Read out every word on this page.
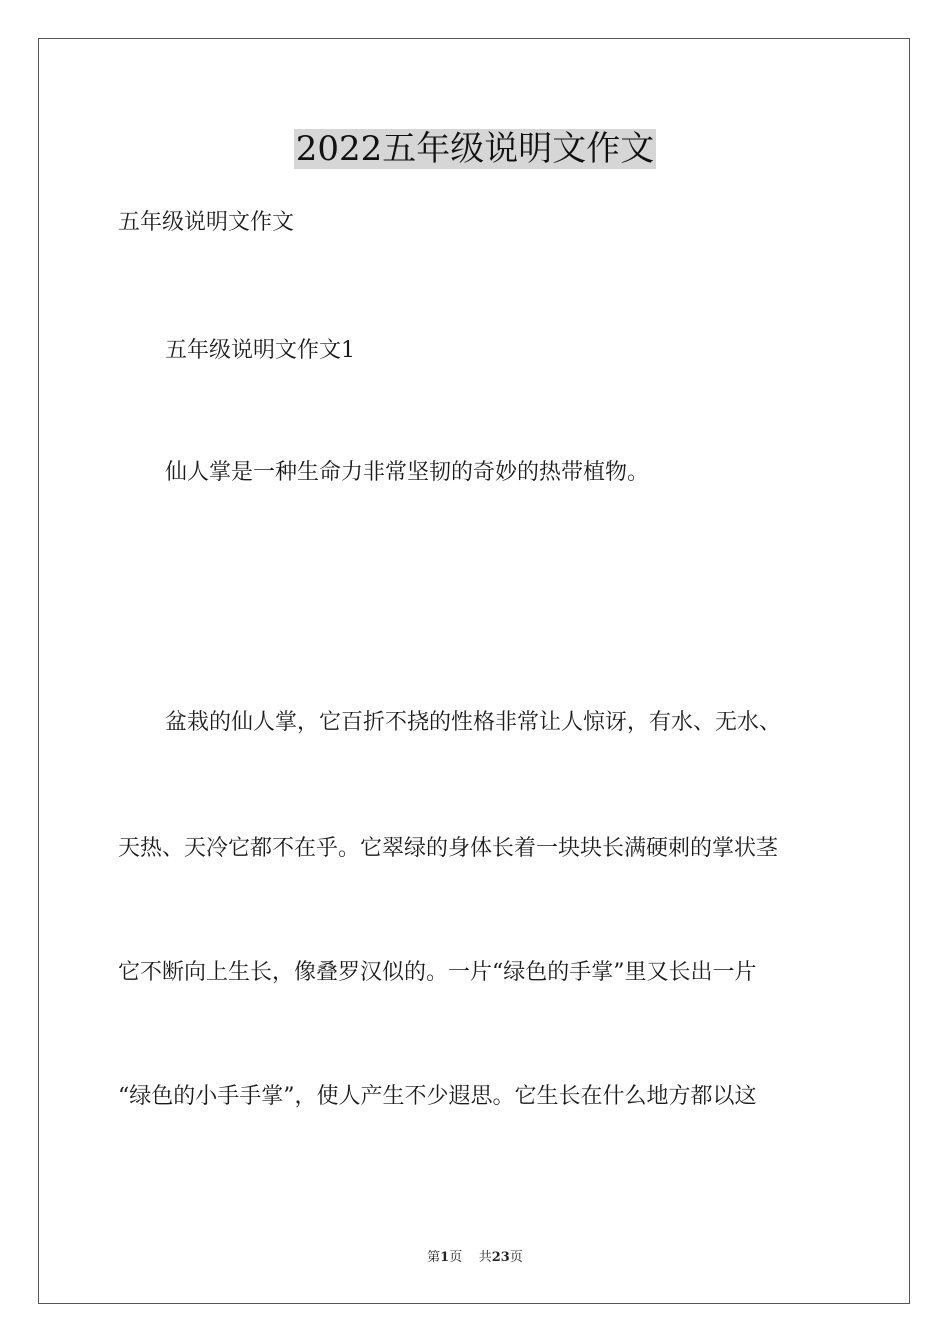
2022五年级说明文作文
五年级说明文作文
五年级说明文作文1
仙人掌是一种生命力非常坚韧的奇妙的热带植物。
盆栽的仙人掌，它百折不挠的性格非常让人惊讶，有水、无水、
天热、天冷它都不在乎。它翠绿的身体长着一块块长满硬刺的掌状茎
它不断向上生长，像叠罗汉似的。一片“绿色的手掌”里又长出一片
“绿色的小手手掌”，使人产生不少遐思。它生长在什么地方都以这
第1页 共23页
